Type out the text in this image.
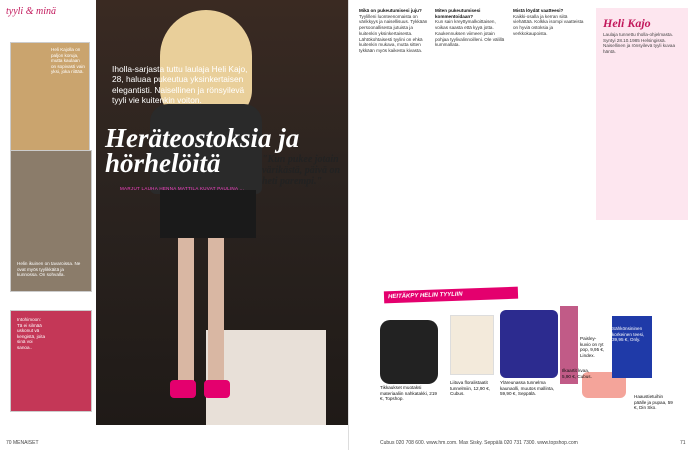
tyyli & minä
Heli Kajolla on paljon koruja, mutta kaulaan on sopivasti vain yksi, joka riittää.
Helin ikuinen on tavaroissa. Ne ovat myös tyylikkäitä ja kunnossa. On sohvalla.
Intohimoon: Tä ei silmää uskonut vä kengistä, joita sinä voi sanoa..
Iholla-sarjasta tuttu laulaja Heli Kajo, 28, haluaa pukeutua yksinkertaisen elegantisti. Naisellinen ja rönsyilevä tyyli vie kuitenkin voiton.
Heräteostoksia ja hörhelöitä
MARJUT LAUHA HENNA MATTILA KUVAT PAULINA ...
70 MENAISET
Mikä on pukeutumisesi juju?
Tyylilleni luonteenomaista on värikkyys ja naisellisuus. Tykkään persoonallisesta jutuista ja kuitenkin yksinkertaisesta. Lähtökohtaisesti tyylini on ehkä kuitenkin mukava, mutta sitten tykkään myös kaikesta kivasta.
Miten pukeutumisesi kommentoidaan?
Kun sain kreyttymalkoittaisen, voikas saasta että kyyä jotta. Kaukennuksen viimeen jotain pohjaa tyylivalinnoilleni. Ole välillä kummallata.
Mistä löydät vaatteesi?
Kaikki-osalla ja kerran siitä viehättää. Kolkka isompi vaatteista on hyviä ostoksia ja verkkokaupoista.
"Kun pukee jotain värikästä, päivä on heti parempi."
Heli Kajo
Laulaja tunnettu Iholla-ohjelmasta. Syntyi 28.10.1985 Helsingissä. Naisellinen ja rönsyilevä tyyli kuvaa häntä.
HEITÄKPY HELIN TYYLIIN
Tikkaukset muotaksi materiaaliin nahkatakki, 219 €, Topshop.
Liituva floralistaatit tunnelmiin, 12,90 €, Cubus.
Yläreunassa tunnelma kaunaolli, muutos mallinta, 59,90 €, Seppälä.
Paisley-kuvio on ryt pop, 9,95 €, Lindex.
Haaustietuihin päälle ja pupaa, 59 €, Din Sko.
Sähkönsininen korkeinen teesi, 39,95 €, Only.
Ilkaartit kvaa, 5,90 €, Cubus.
Cubus 020 708 600. www.hm.com. Max Sisky. Seppälä 020 731 7300. www.topshop.com	71
